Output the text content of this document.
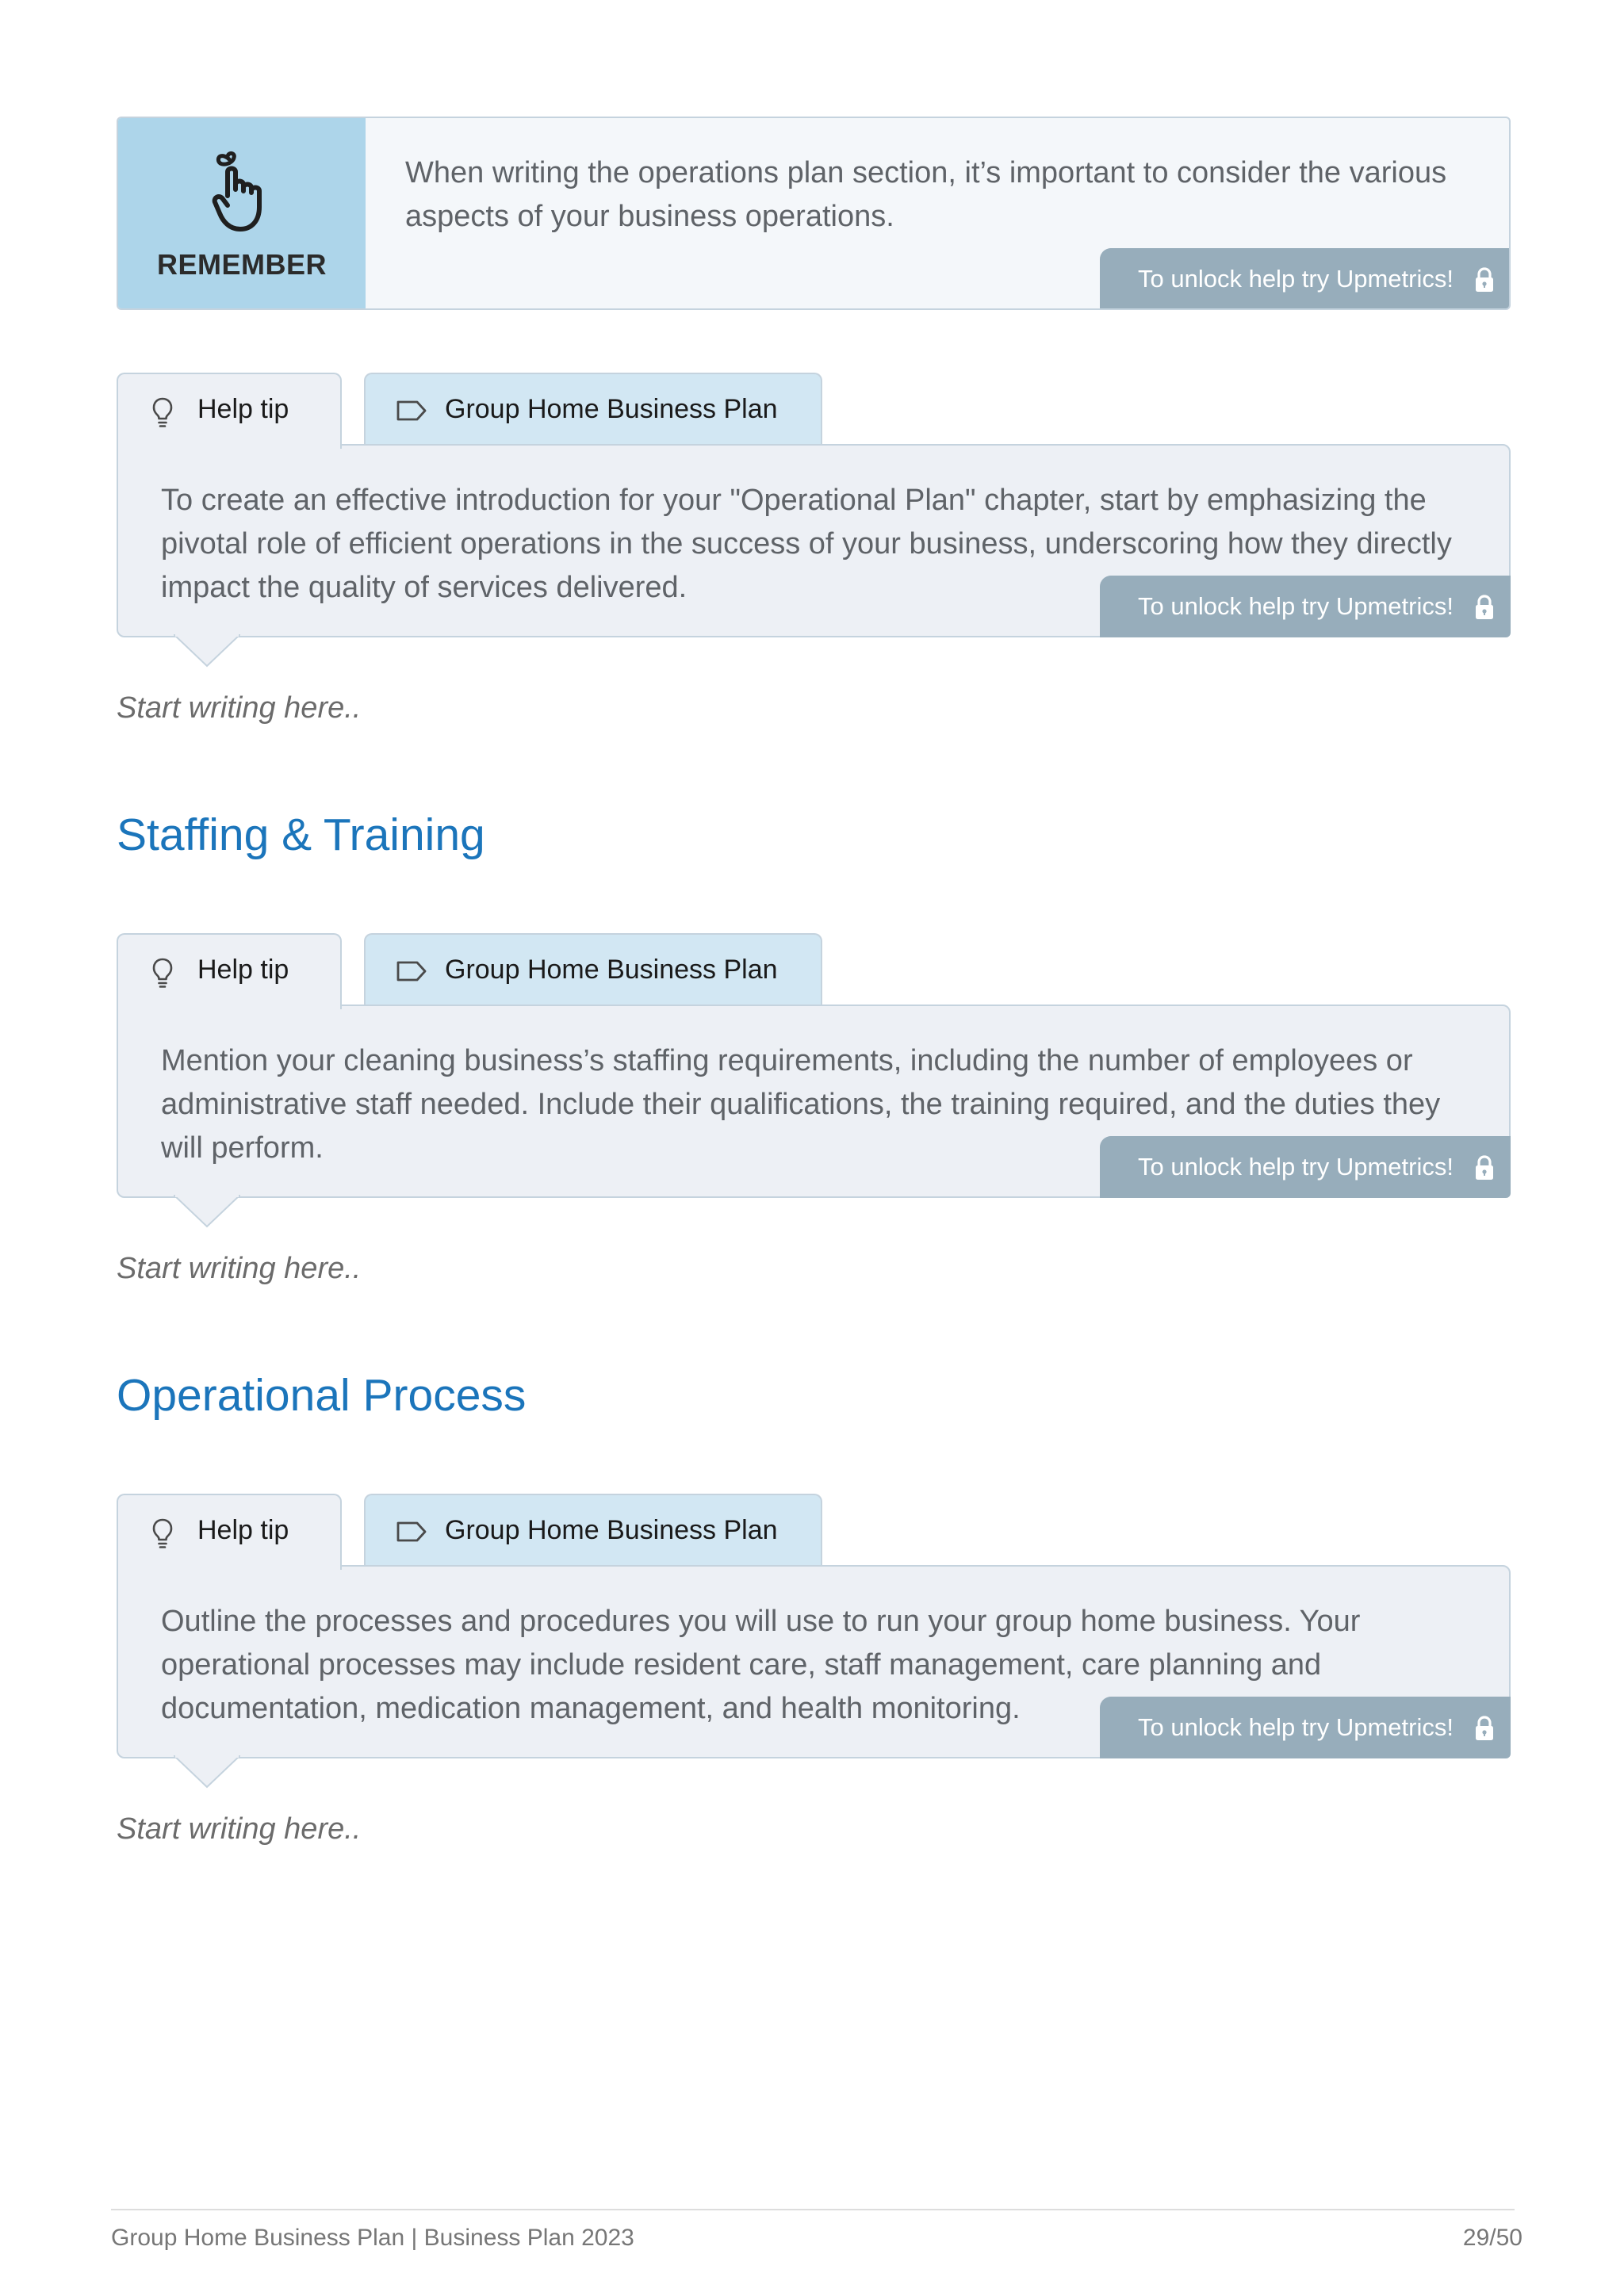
REMEMBER
When writing the operations plan section, it’s important to consider the various aspects of your business operations.
To unlock help try Upmetrics!
Help tip	Group Home Business Plan
To create an effective introduction for your "Operational Plan" chapter, start by emphasizing the pivotal role of efficient operations in the success of your business, underscoring how they directly impact the quality of services delivered.
To unlock help try Upmetrics!
Start writing here..
Staffing & Training
Help tip	Group Home Business Plan
Mention your cleaning business’s staffing requirements, including the number of employees or administrative staff needed. Include their qualifications, the training required, and the duties they will perform.
To unlock help try Upmetrics!
Start writing here..
Operational Process
Help tip	Group Home Business Plan
Outline the processes and procedures you will use to run your group home business. Your operational processes may include resident care, staff management, care planning and documentation, medication management, and health monitoring.
To unlock help try Upmetrics!
Start writing here..
Group Home Business Plan | Business Plan 2023	29/50
